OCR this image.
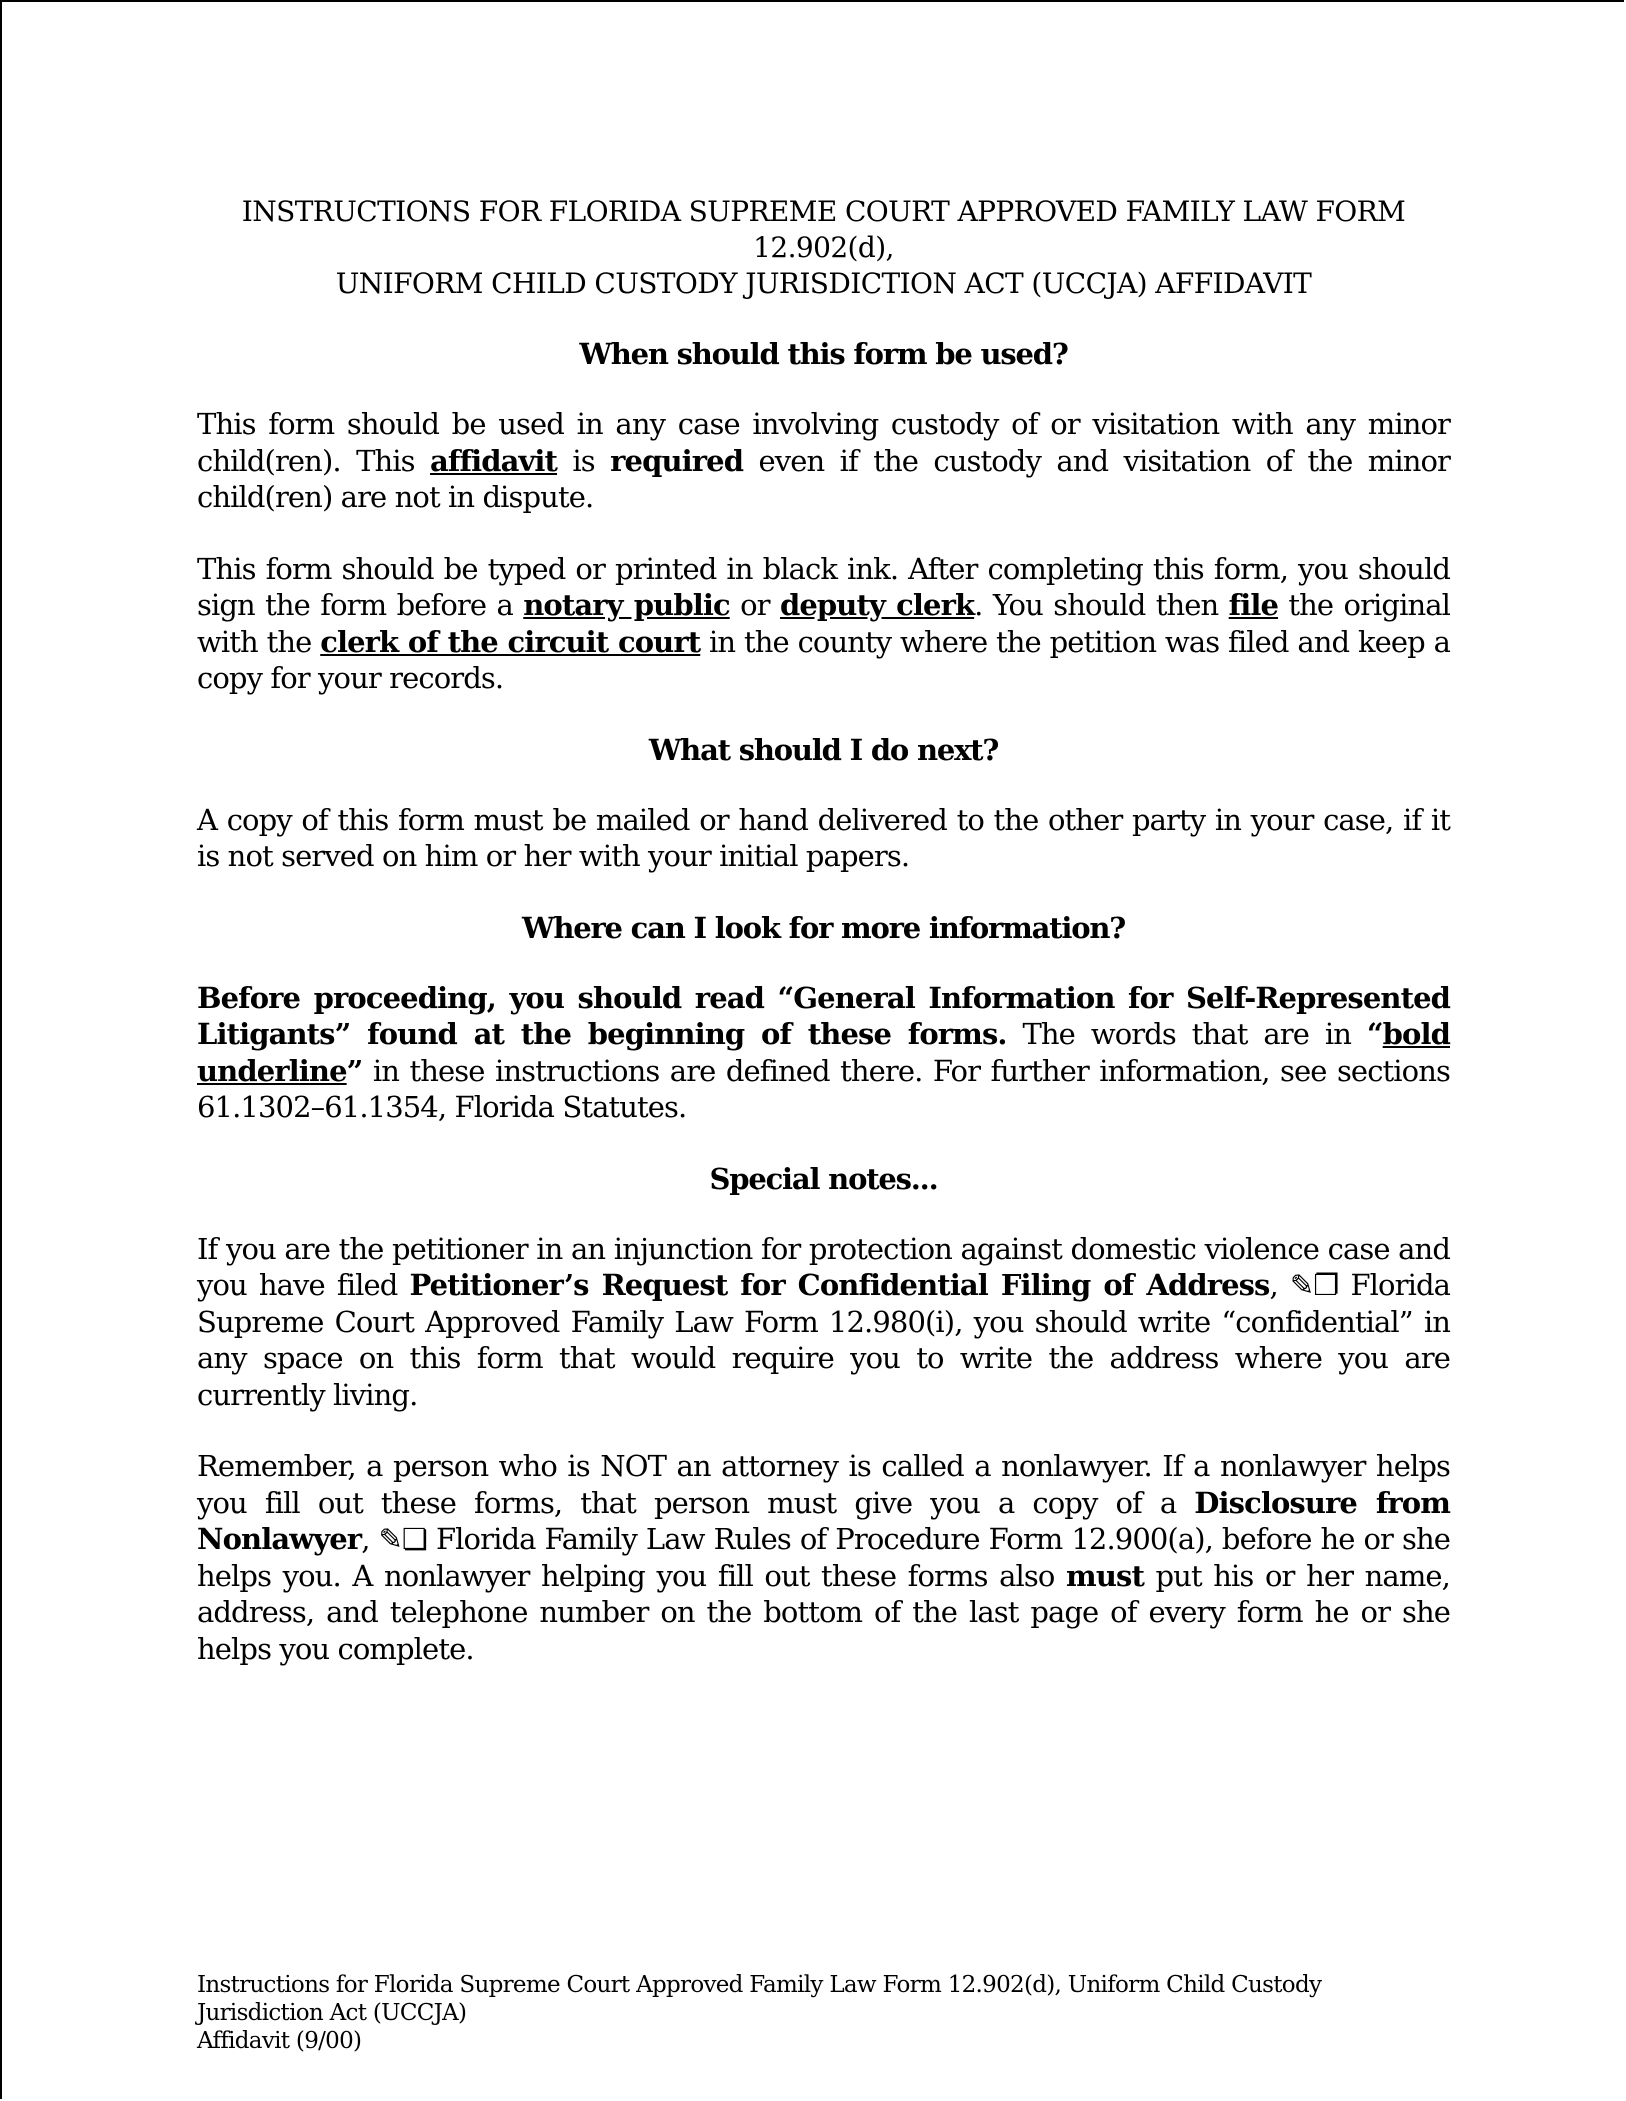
INSTRUCTIONS FOR FLORIDA SUPREME COURT APPROVED FAMILY LAW FORM
12.902(d),
UNIFORM CHILD CUSTODY JURISDICTION ACT (UCCJA) AFFIDAVIT
When should this form be used?

This form should be used in any case involving custody of or visitation with any minor child(ren). This affidavit is required even if the custody and visitation of the minor child(ren) are not in dispute.

This form should be typed or printed in black ink. After completing this form, you should sign the form before a notary public or deputy clerk. You should then file the original with the clerk of the circuit court in the county where the petition was filed and keep a copy for your records.

What should I do next?

A copy of this form must be mailed or hand delivered to the other party in your case, if it is not served on him or her with your initial papers.

Where can I look for more information?

Before proceeding, you should read “General Information for Self-Represented Litigants” found at the beginning of these forms. The words that are in “bold underline” in these instructions are defined there. For further information, see sections 61.1302–61.1354, Florida Statutes.

Special notes...

If you are the petitioner in an injunction for protection against domestic violence case and you have filed Petitioner’s Request for Confidential Filing of Address, ✎❐ Florida Supreme Court Approved Family Law Form 12.980(i), you should write “confidential” in any space on this form that would require you to write the address where you are currently living.

Remember, a person who is NOT an attorney is called a nonlawyer. If a nonlawyer helps you fill out these forms, that person must give you a copy of a Disclosure from Nonlawyer, ✎❏ Florida Family Law Rules of Procedure Form 12.900(a), before he or she helps you. A nonlawyer helping you fill out these forms also must put his or her name, address, and telephone number on the bottom of the last page of every form he or she helps you complete.

Instructions for Florida Supreme Court Approved Family Law Form 12.902(d), Uniform Child Custody Jurisdiction Act (UCCJA)
Affidavit (9/00)
